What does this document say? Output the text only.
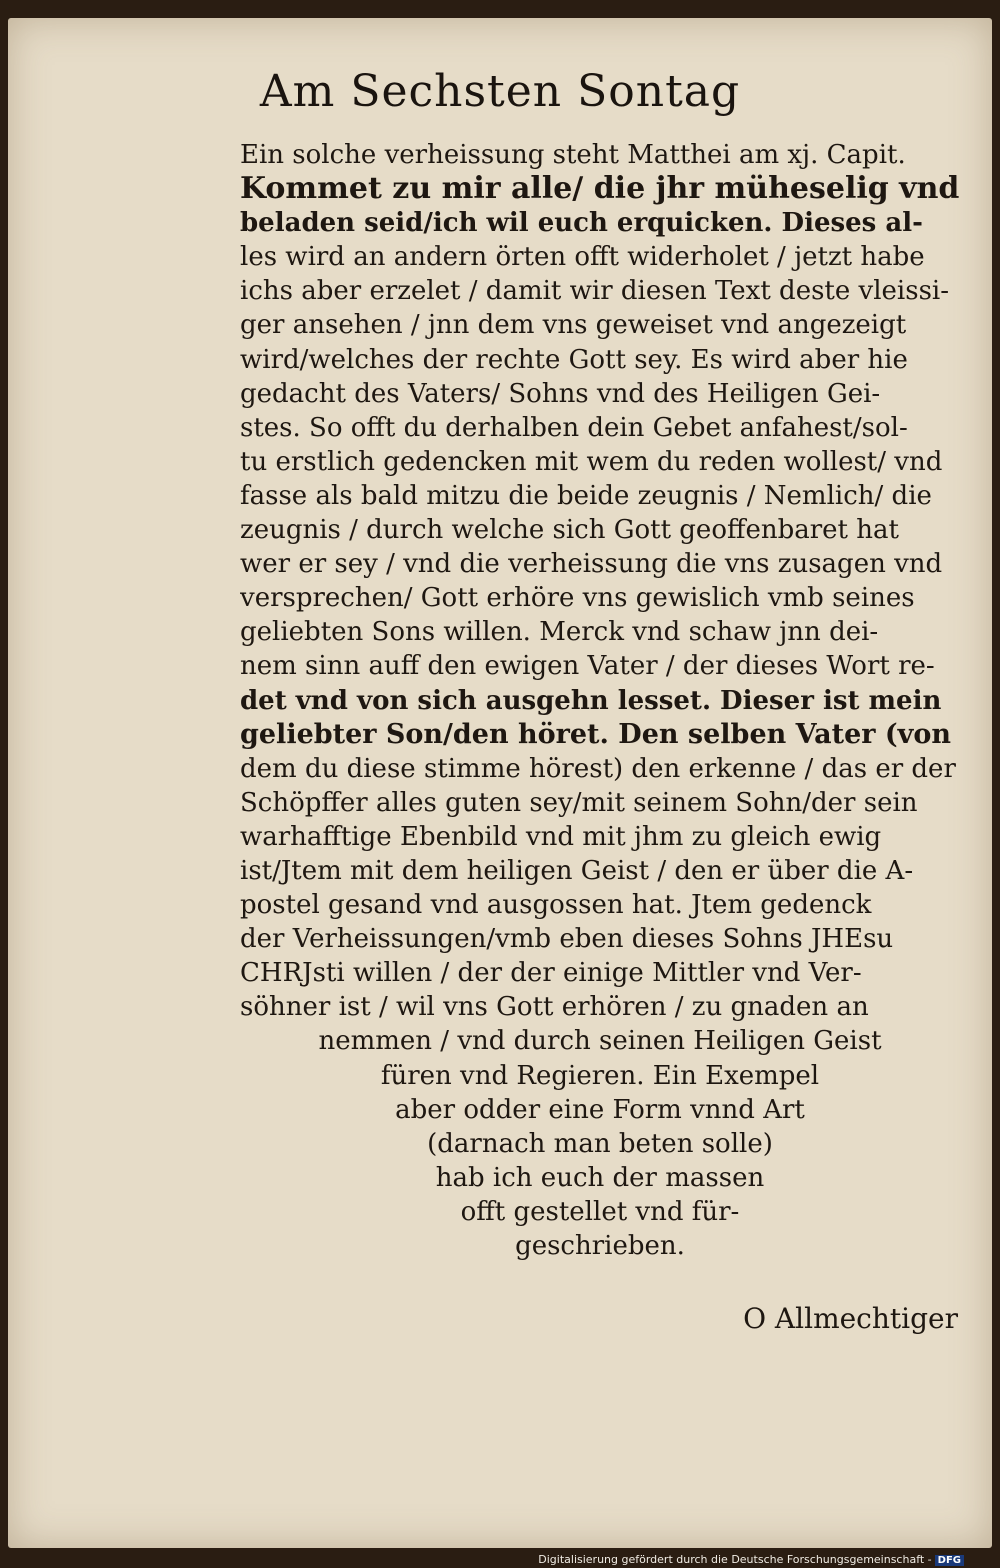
Am Sechsten Sontag
Ein solche verheissung steht Matthei am xj. Capit.
Kommet zu mir alle/ die jhr müheselig vnd
beladen seid/ich wil euch erquicken. Dieses al-
les wird an andern örten offt widerholet / jetzt habe
ichs aber erzelet / damit wir diesen Text deste vleissi-
ger ansehen / jnn dem vns geweiset vnd angezeigt
wird/welches der rechte Gott sey. Es wird aber hie
gedacht des Vaters/ Sohns vnd des Heiligen Gei-
stes. So offt du derhalben dein Gebet anfahest/sol-
tu erstlich gedencken mit wem du reden wollest/ vnd
fasse als bald mitzu die beide zeugnis / Nemlich/ die
zeugnis / durch welche sich Gott geoffenbaret hat
wer er sey / vnd die verheissung die vns zusagen vnd
versprechen/ Gott erhöre vns gewislich vmb seines
geliebten Sons willen. Merck vnd schaw jnn dei-
nem sinn auff den ewigen Vater / der dieses Wort re-
det vnd von sich ausgehn lesset. Dieser ist mein
geliebter Son/den höret. Den selben Vater (von
dem du diese stimme hörest) den erkenne / das er der
Schöpffer alles guten sey/mit seinem Sohn/der sein
warhafftige Ebenbild vnd mit jhm zu gleich ewig
ist/Jtem mit dem heiligen Geist / den er über die A-
postel gesand vnd ausgossen hat. Jtem gedenck
der Verheissungen/vmb eben dieses Sohns JHEsu
CHRJsti willen / der der einige Mittler vnd Ver-
söhner ist / wil vns Gott erhören / zu gnaden an
nemmen / vnd durch seinen Heiligen Geist
füren vnd Regieren. Ein Exempel
aber odder eine Form vnnd Art
(darnach man beten solle)
hab ich euch der massen
offt gestellet vnd für-
geschrieben.
O Allmechtiger
Digitalisierung gefördert durch die Deutsche Forschungsgemeinschaft - DFG
